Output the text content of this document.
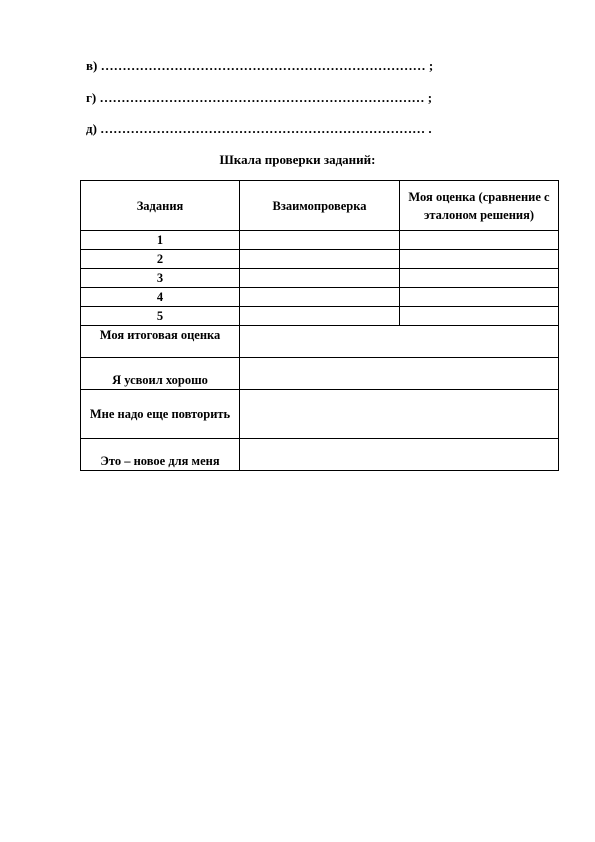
в) ………………………………………………………………… ;
г) ………………………………………………………………… ;
д) ………………………………………………………………… .
Шкала проверки заданий:
Задания	Взаимопроверка	Моя оценка (сравнение с эталоном решения)
1		
2		
3		
4		
5		
Моя итоговая оценка		
Я усвоил хорошо		
Мне надо еще повторить		
Это – новое для меня		
